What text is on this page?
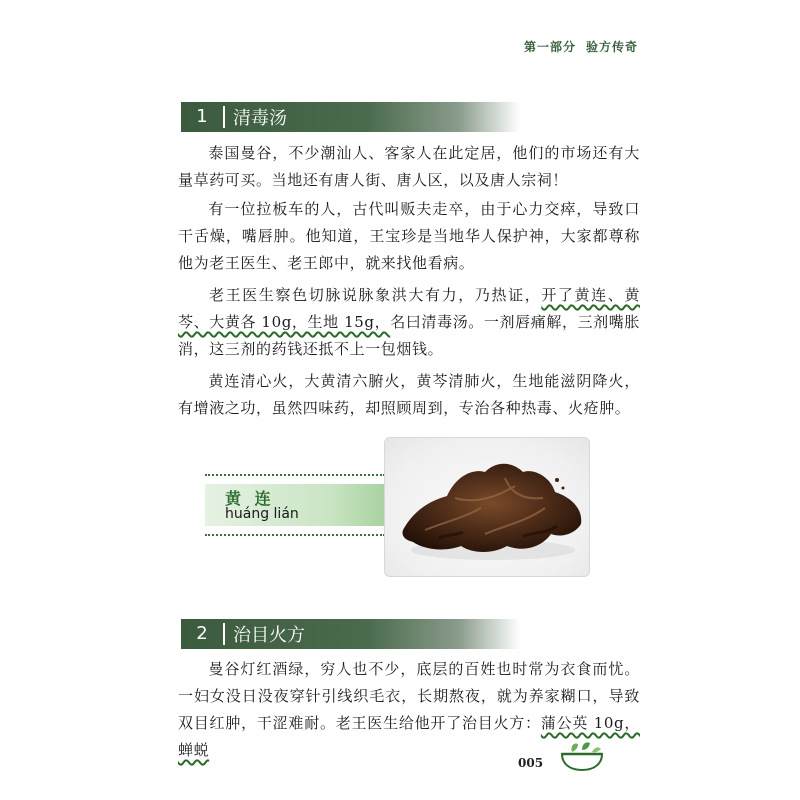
第一部分 验方传奇
1	清毒汤

泰国曼谷，不少潮汕人、客家人在此定居，他们的市场还有大量草药可买。当地还有唐人街、唐人区，以及唐人宗祠！

有一位拉板车的人，古代叫贩夫走卒，由于心力交瘁，导致口干舌燥，嘴唇肿。他知道，王宝珍是当地华人保护神，大家都尊称他为老王医生、老王郎中，就来找他看病。

老王医生察色切脉说脉象洪大有力，乃热证，开了黄连、黄芩、大黄各 10g，生地 15g，名曰清毒汤。一剂唇痛解，三剂嘴胀消，这三剂的药钱还抵不上一包烟钱。

黄连清心火，大黄清六腑火，黄芩清肺火，生地能滋阴降火，有增液之功，虽然四味药，却照顾周到，专治各种热毒、火疮肿。

黄 连
huáng lián
2	治目火方

曼谷灯红酒绿，穷人也不少，底层的百姓也时常为衣食而忧。一妇女没日没夜穿针引线织毛衣，长期熬夜，就为养家糊口，导致双目红肿，干涩难耐。老王医生给他开了治目火方：蒲公英 10g，蝉蜕

005
